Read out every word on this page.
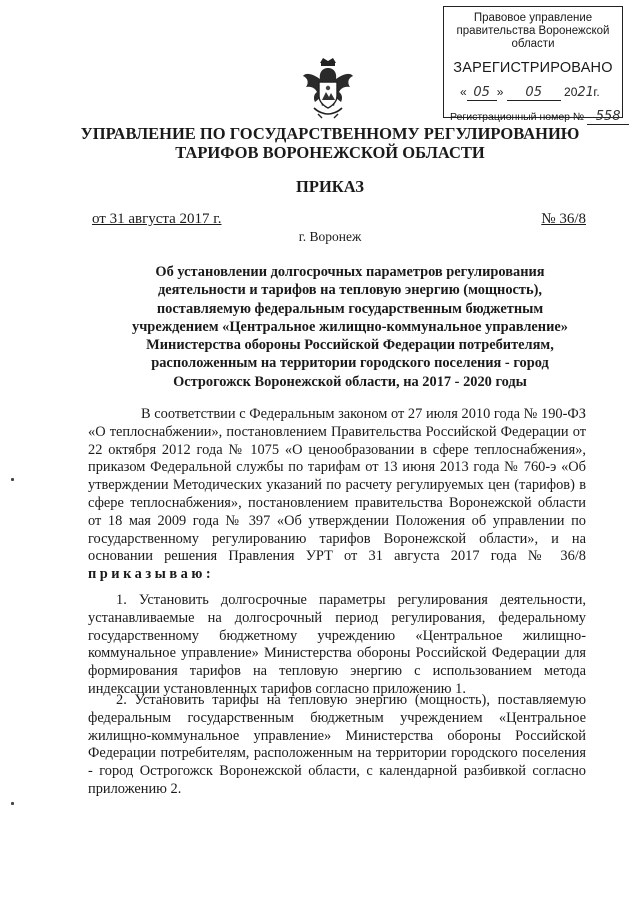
Правовое управление правительства Воронежской области
ЗАРЕГИСТРИРОВАНО
« 05 » 05 2021г.
Регистрационный номер № 558
УПРАВЛЕНИЕ ПО ГОСУДАРСТВЕННОМУ РЕГУЛИРОВАНИЮ ТАРИФОВ ВОРОНЕЖСКОЙ ОБЛАСТИ
ПРИКАЗ
от 31 августа 2017 г.	№ 36/8
г. Воронеж
Об установлении долгосрочных параметров регулирования деятельности и тарифов на тепловую энергию (мощность), поставляемую федеральным государственным бюджетным учреждением «Центральное жилищно-коммунальное управление» Министерства обороны Российской Федерации потребителям, расположенным на территории городского поселения - город Острогожск Воронежской области, на 2017 - 2020 годы
В соответствии с Федеральным законом от 27 июля 2010 года № 190-ФЗ «О теплоснабжении», постановлением Правительства Российской Федерации от 22 октября 2012 года № 1075 «О ценообразовании в сфере теплоснабжения», приказом Федеральной службы по тарифам от 13 июня 2013 года № 760-э «Об утверждении Методических указаний по расчету регулируемых цен (тарифов) в сфере теплоснабжения», постановлением правительства Воронежской области от 18 мая 2009 года № 397 «Об утверждении Положения об управлении по государственному регулированию тарифов Воронежской области», и на основании решения Правления УРТ от 31 августа 2017 года № 36/8 приказываю:
1. Установить долгосрочные параметры регулирования деятельности, устанавливаемые на долгосрочный период регулирования, федеральному государственному бюджетному учреждению «Центральное жилищно-коммунальное управление» Министерства обороны Российской Федерации для формирования тарифов на тепловую энергию с использованием метода индексации установленных тарифов согласно приложению 1.
2. Установить тарифы на тепловую энергию (мощность), поставляемую федеральным государственным бюджетным учреждением «Центральное жилищно-коммунальное управление» Министерства обороны Российской Федерации потребителям, расположенным на территории городского поселения - город Острогожск Воронежской области, с календарной разбивкой согласно приложению 2.
